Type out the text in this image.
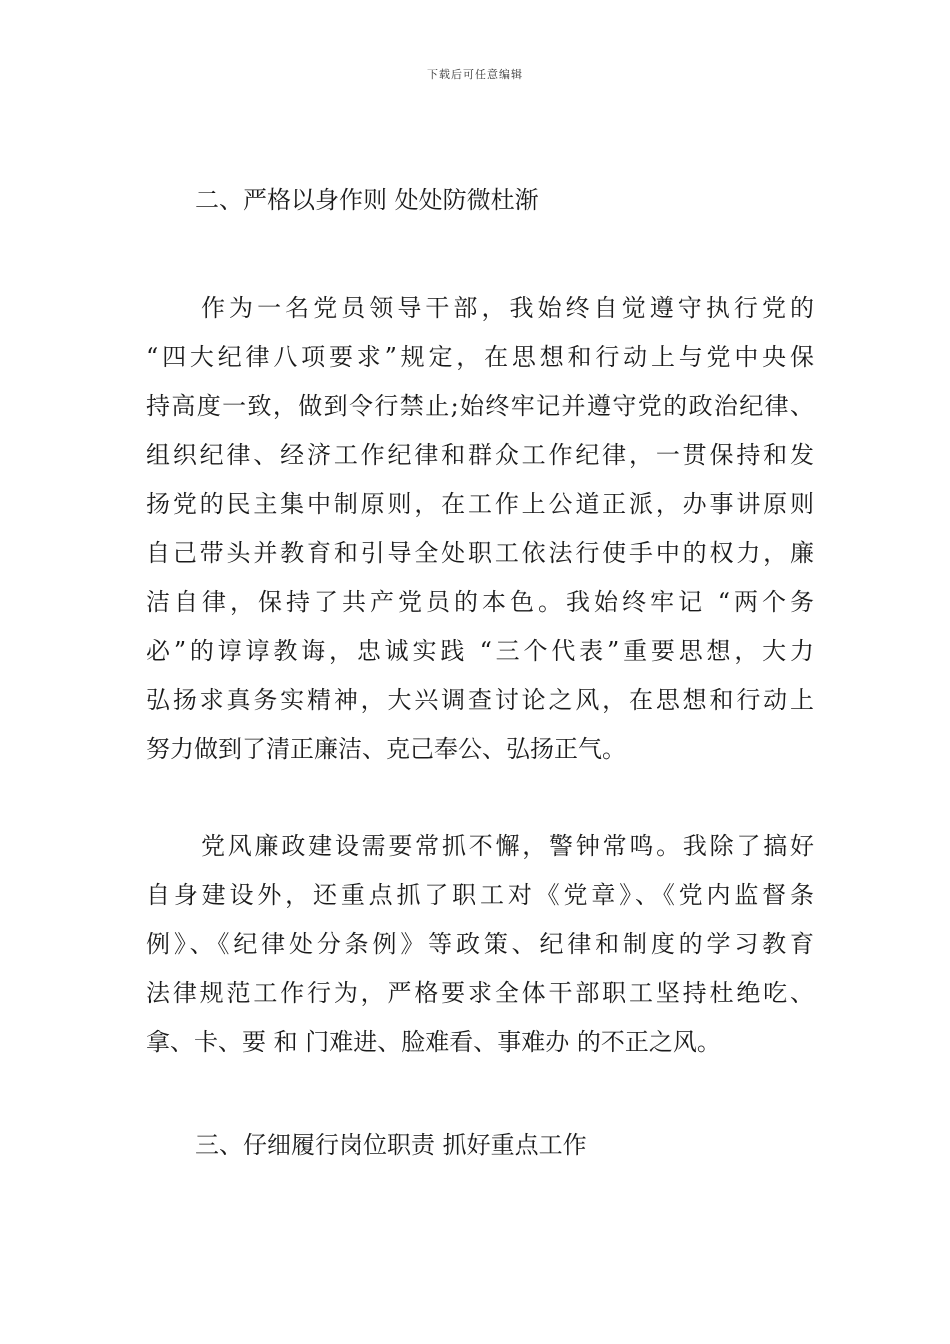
下载后可任意编辑
二、严格以身作则 处处防微杜渐

作为一名党员领导干部，我始终自觉遵守执行党的

“四大纪律八项要求”规定，在思想和行动上与党中央保

持高度一致，做到令行禁止;始终牢记并遵守党的政治纪律、

组织纪律、经济工作纪律和群众工作纪律，一贯保持和发

扬党的民主集中制原则，在工作上公道正派，办事讲原则

自己带头并教育和引导全处职工依法行使手中的权力，廉

洁自律，保持了共产党员的本色。我始终牢记 “两个务

必”的谆谆教诲，忠诚实践 “三个代表”重要思想，大力

弘扬求真务实精神，大兴调查讨论之风，在思想和行动上

努力做到了清正廉洁、克己奉公、弘扬正气。

党风廉政建设需要常抓不懈，警钟常鸣。我除了搞好

自身建设外，还重点抓了职工对《党章》、《党内监督条

例》、《纪律处分条例》等政策、纪律和制度的学习教育

法律规范工作行为，严格要求全体干部职工坚持杜绝吃、

拿、卡、要 和 门难进、脸难看、事难办 的不正之风。

三、仔细履行岗位职责 抓好重点工作
